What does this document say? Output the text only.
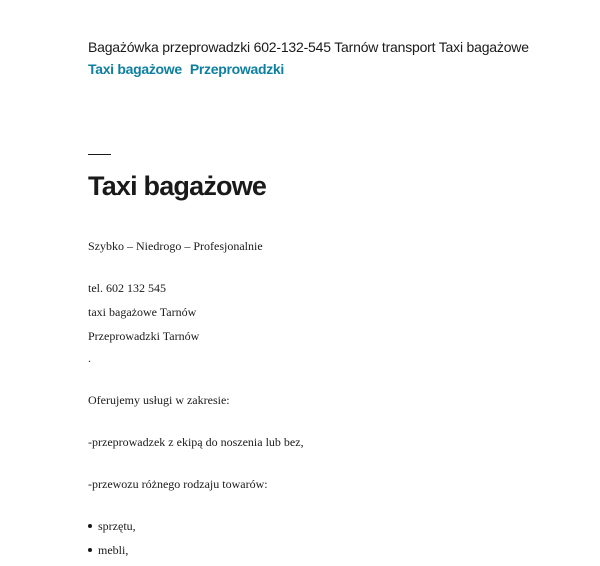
Bagażówka przeprowadzki 602-132-545 Tarnów transport Taxi bagażowe
Taxi bagażowe Przeprowadzki
Taxi bagażowe

Szybko – Niedrogo – Profesjonalnie

tel. 602 132 545

taxi bagażowe Tarnów

Przeprowadzki Tarnów

.

Oferujemy usługi w zakresie:

-przeprowadzek z ekipą do noszenia lub bez,

-przewozu różnego rodzaju towarów:

sprzętu,
mebli,
